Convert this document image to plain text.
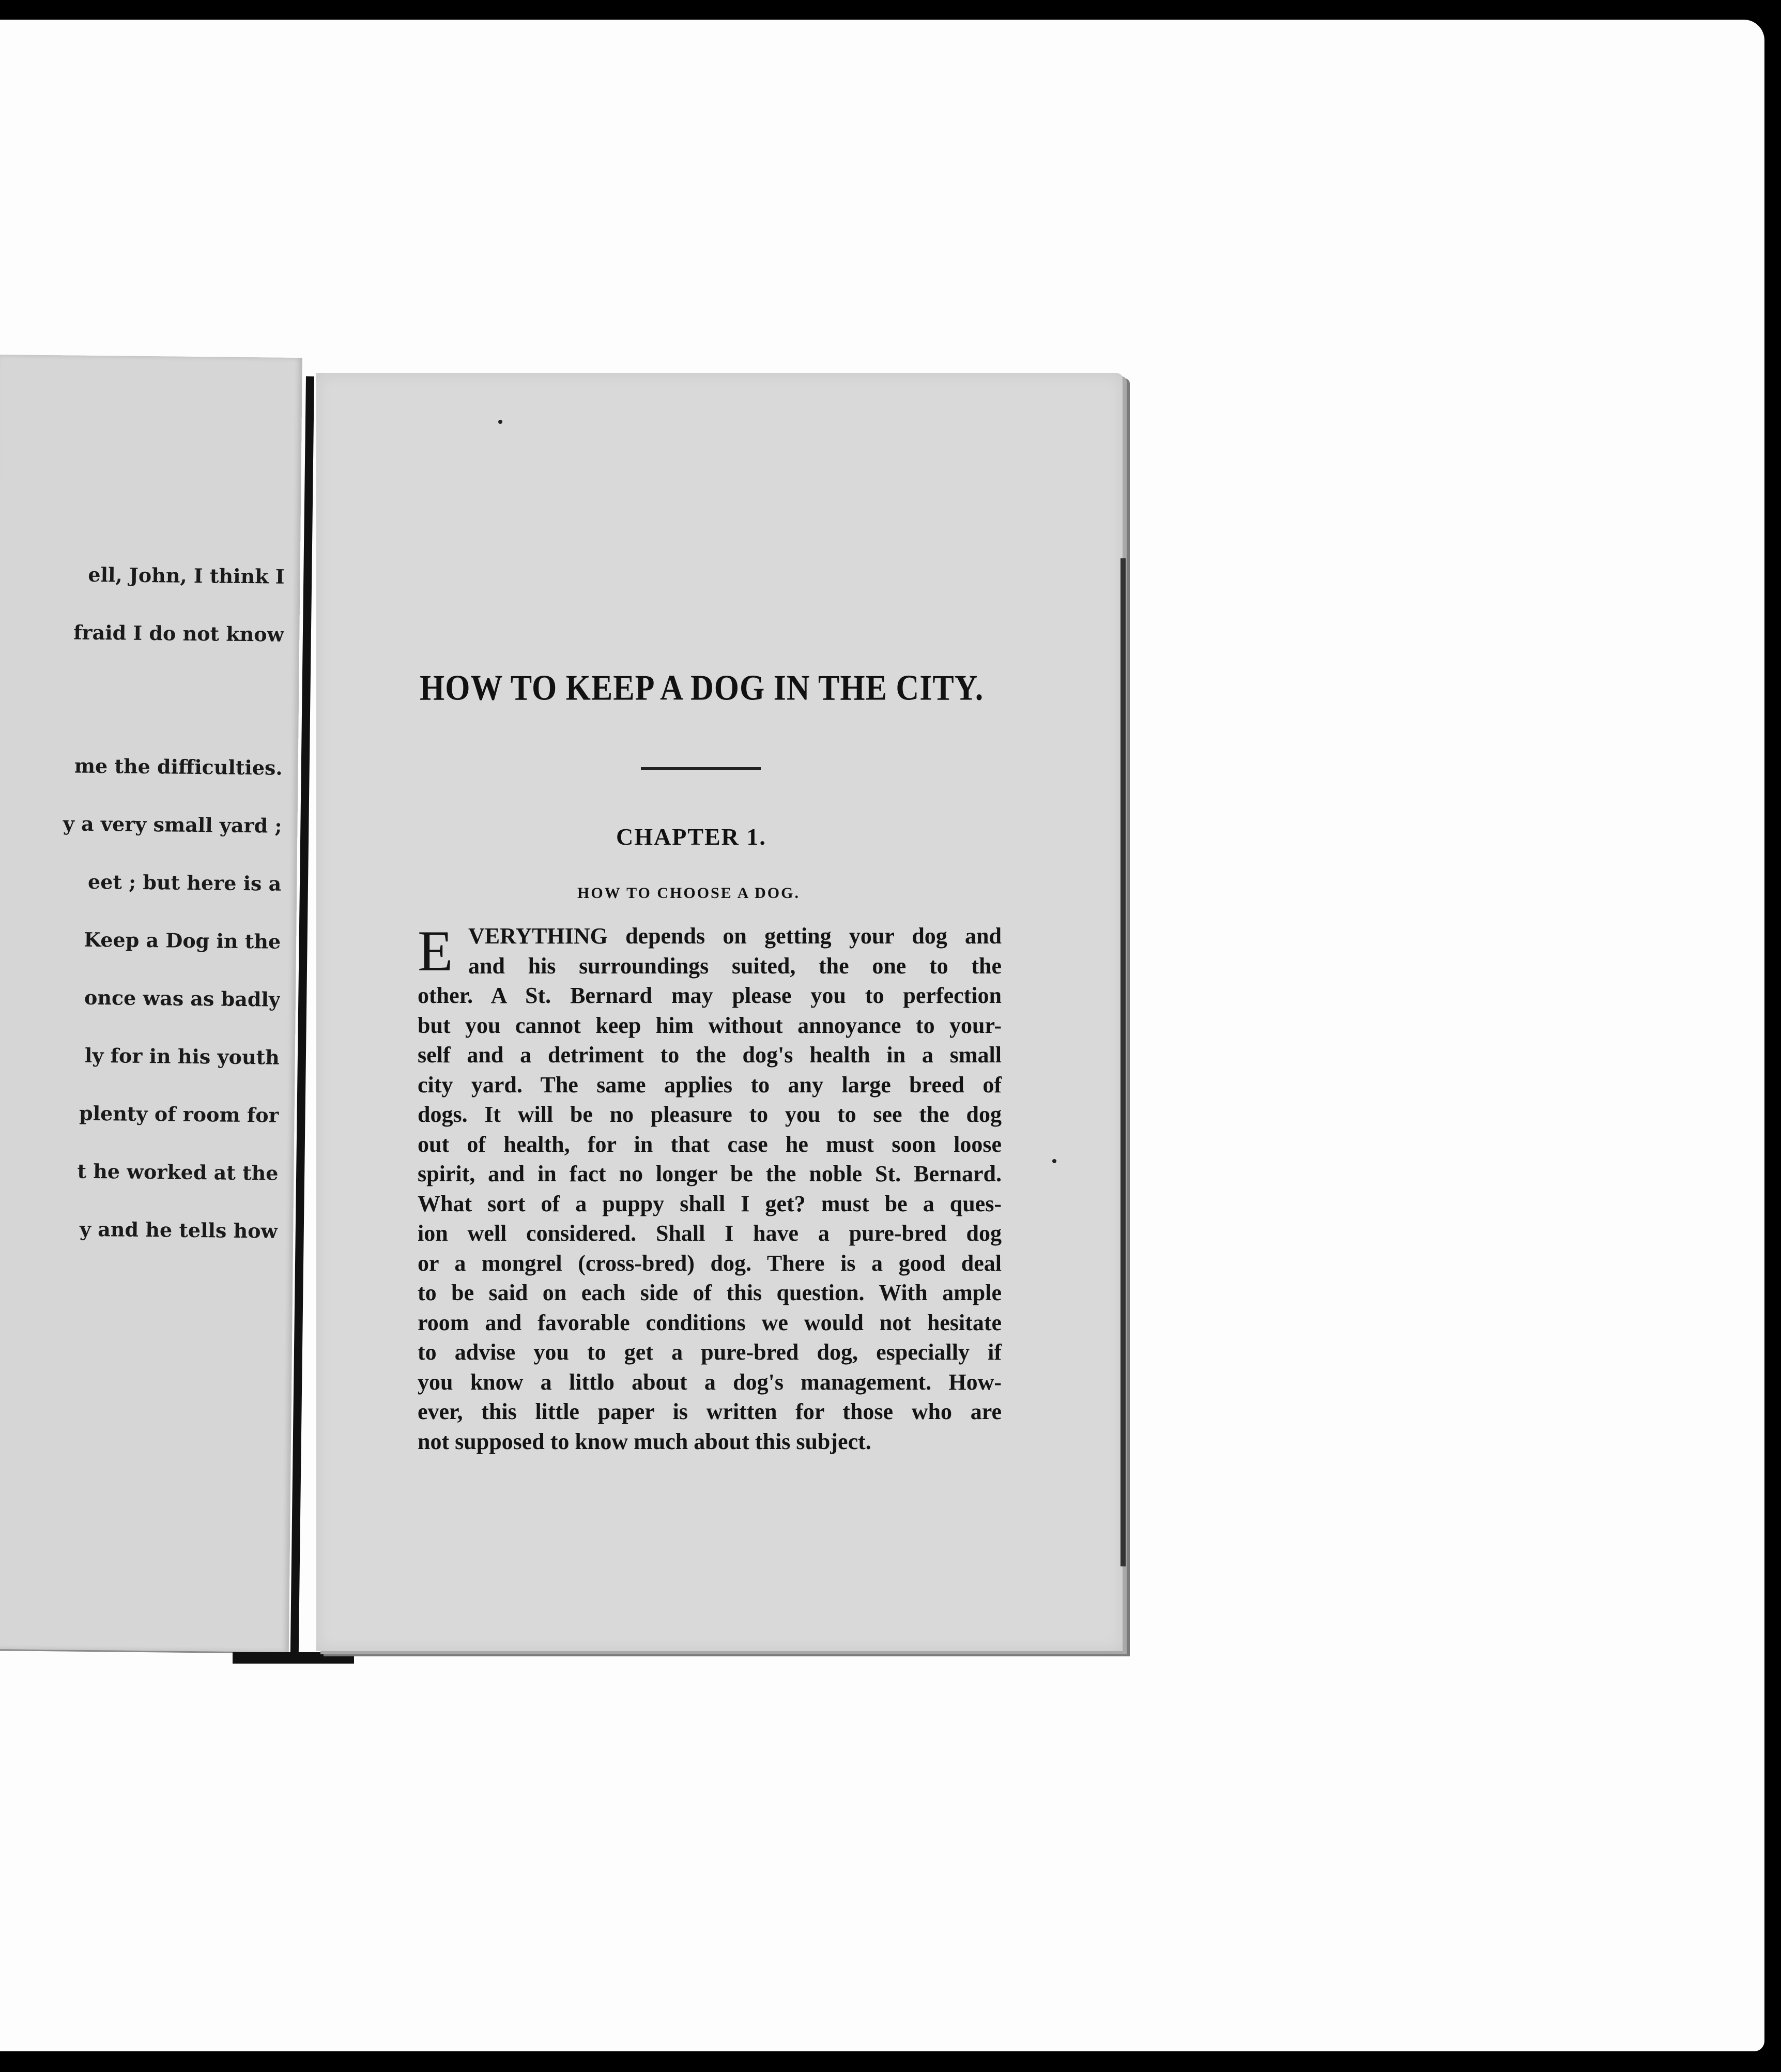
ell, John, I think I

fraid I do not know

me the difficulties.

y a very small yard ;

eet ; but here is a

Keep a Dog in the

once was as badly

ly for in his youth

plenty of room for

t he worked at the

y and he tells how

HOW TO KEEP A DOG IN THE CITY.
CHAPTER 1.
HOW TO CHOOSE A DOG.
E VERYTHING depends on getting your dog and
and his surroundings suited, the one to the
other. A St. Bernard may please you to perfection
but you cannot keep him without annoyance to your-
self and a detriment to the dog's health in a small
city yard. The same applies to any large breed of
dogs. It will be no pleasure to you to see the dog
out of health, for in that case he must soon loose
spirit, and in fact no longer be the noble St. Bernard.
What sort of a puppy shall I get? must be a ques-
ion well considered. Shall I have a pure-bred dog
or a mongrel (cross-bred) dog. There is a good deal
to be said on each side of this question. With ample
room and favorable conditions we would not hesitate
to advise you to get a pure-bred dog, especially if
you know a littlo about a dog's management. How-
ever, this little paper is written for those who are
not supposed to know much about this subject.
